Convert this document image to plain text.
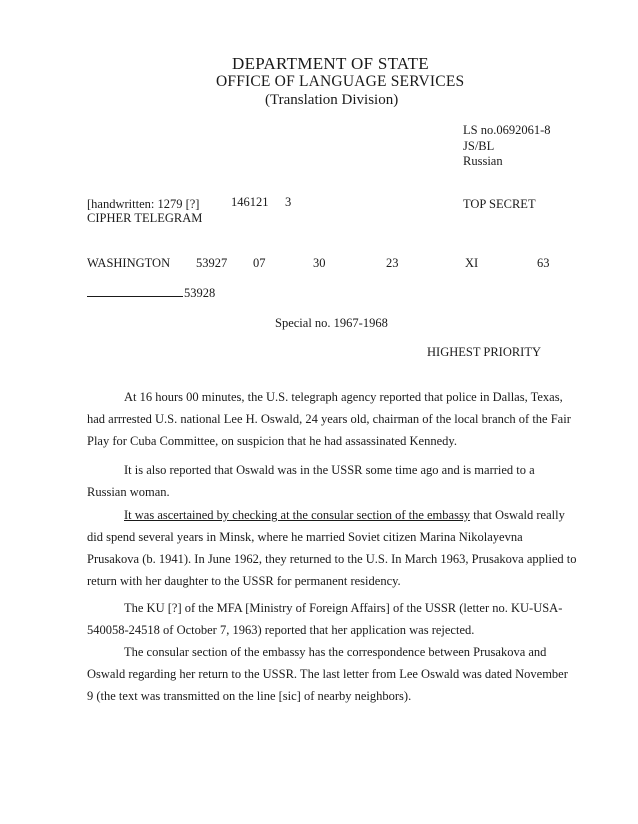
DEPARTMENT OF STATE
OFFICE OF LANGUAGE SERVICES
(Translation Division)
LS no.0692061-8
JS/BL
Russian
[handwritten: 1279 [?]	146121 3	TOP SECRET
CIPHER TELEGRAM
WASHINGTON 53927 07	30	23	XI	63
53928
Special no. 1967-1968
HIGHEST PRIORITY
At 16 hours 00 minutes, the U.S. telegraph agency reported that police in Dallas, Texas, had arrrested U.S. national Lee H. Oswald, 24 years old, chairman of the local branch of the Fair Play for Cuba Committee, on suspicion that he had assassinated Kennedy.
It is also reported that Oswald was in the USSR some time ago and is married to a Russian woman.
It was ascertained by checking at the consular section of the embassy that Oswald really did spend several years in Minsk, where he married Soviet citizen Marina Nikolayevna Prusakova (b. 1941). In June 1962, they returned to the U.S. In March 1963, Prusakova applied to return with her daughter to the USSR for permanent residency.
The KU [?] of the MFA [Ministry of Foreign Affairs] of the USSR (letter no. KU-USA-540058-24518 of October 7, 1963) reported that her application was rejected.
The consular section of the embassy has the correspondence between Prusakova and Oswald regarding her return to the USSR. The last letter from Lee Oswald was dated November 9 (the text was transmitted on the line [sic] of nearby neighbors).
